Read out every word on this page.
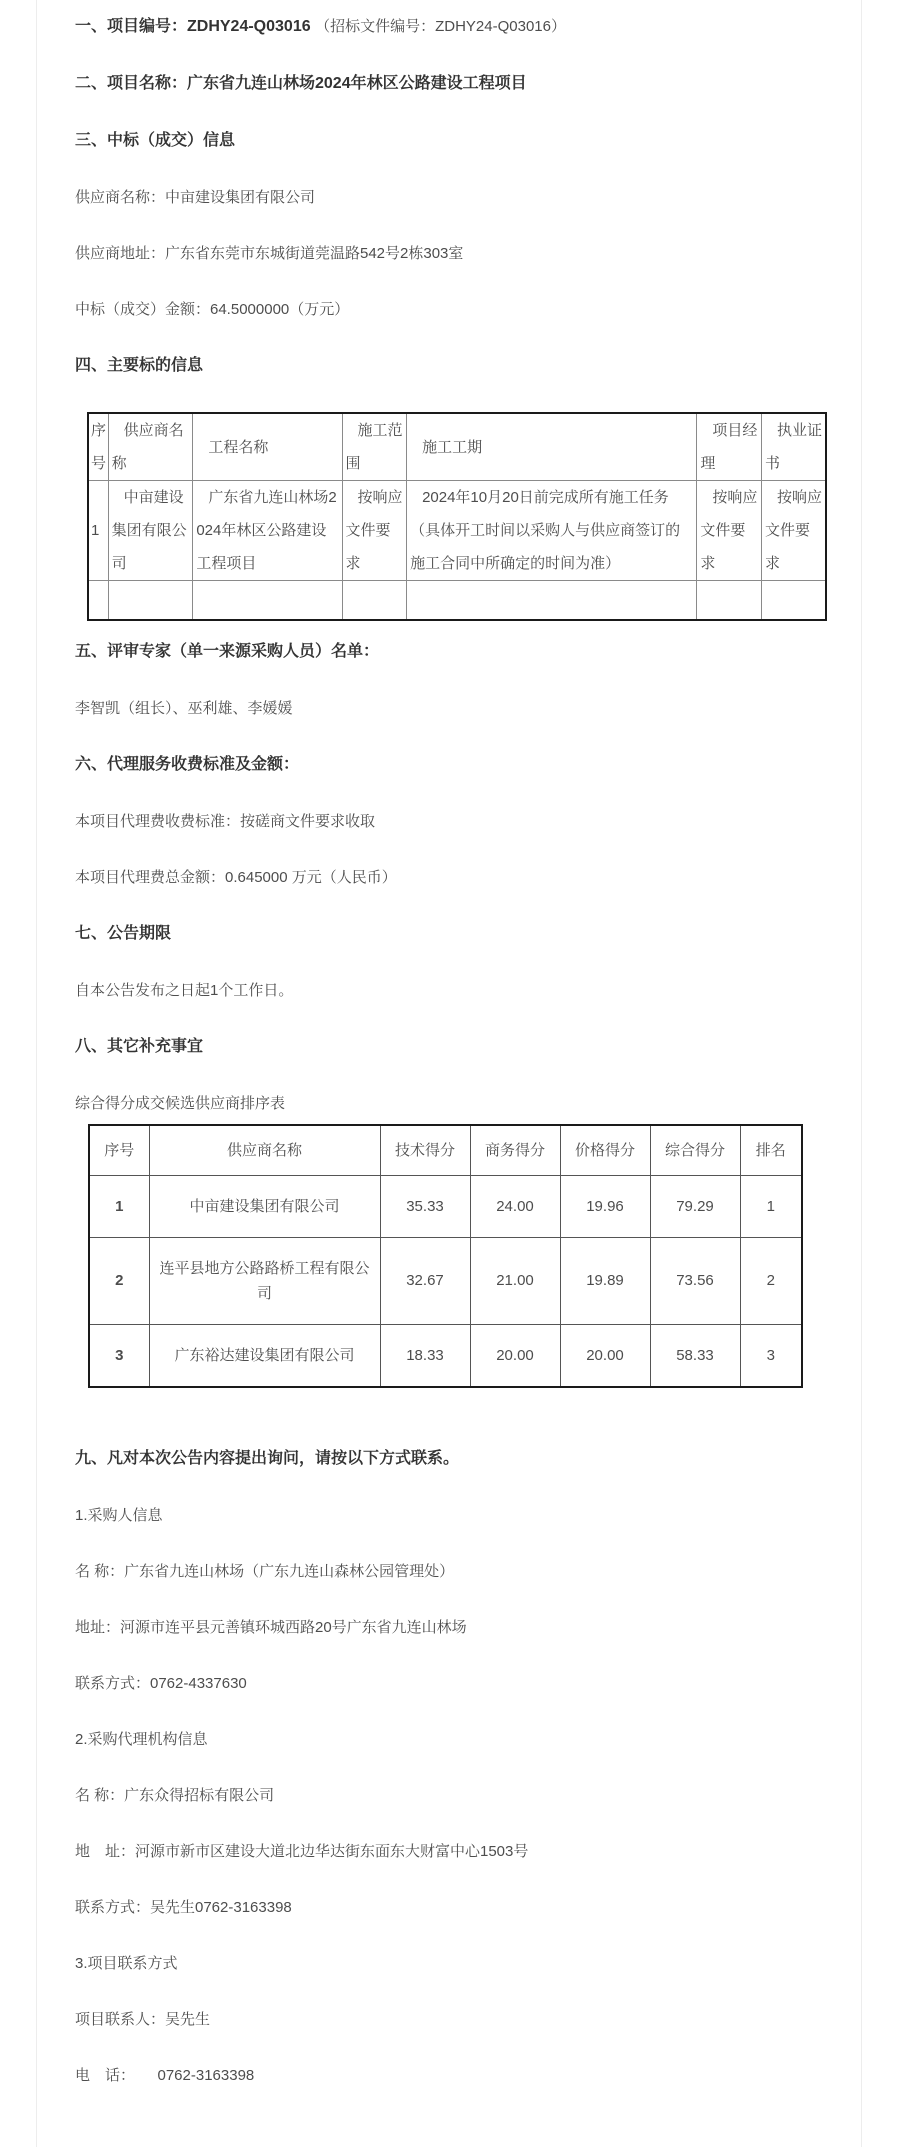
一、项目编号：ZDHY24-Q03016 （招标文件编号：ZDHY24-Q03016）
二、项目名称：广东省九连山林场2024年林区公路建设工程项目
三、中标（成交）信息

供应商名称：中亩建设集团有限公司

供应商地址：广东省东莞市东城街道莞温路542号2栋303室

中标（成交）金额：64.5000000（万元）

四、主要标的信息
序号	供应商名称	工程名称	施工范围	施工工期	项目经理	执业证书
1	中亩建设集团有限公司	广东省九连山林场2024年林区公路建设工程项目	按响应文件要求	2024年10月20日前完成所有施工任务（具体开工时间以采购人与供应商签订的施工合同中所确定的时间为准）	按响应文件要求	按响应文件要求

五、评审专家（单一来源采购人员）名单：

李智凯（组长）、巫利雄、李媛媛

六、代理服务收费标准及金额：

本项目代理费收费标准：按磋商文件要求收取

本项目代理费总金额：0.645000 万元（人民币）

七、公告期限

自本公告发布之日起1个工作日。

八、其它补充事宜

综合得分成交候选供应商排序表

序号	供应商名称	技术得分	商务得分	价格得分	综合得分	排名
1	中亩建设集团有限公司	35.33	24.00	19.96	79.29	1
2	连平县地方公路路桥工程有限公司	32.67	21.00	19.89	73.56	2
3	广东裕达建设集团有限公司	18.33	20.00	20.00	58.33	3
九、凡对本次公告内容提出询问，请按以下方式联系。

1.采购人信息

名 称：广东省九连山林场（广东九连山森林公园管理处）

地址：河源市连平县元善镇环城西路20号广东省九连山林场

联系方式：0762-4337630

2.采购代理机构信息

名 称：广东众得招标有限公司

地　址：河源市新市区建设大道北边华达街东面东大财富中心1503号

联系方式：吴先生0762-3163398

3.项目联系方式

项目联系人：吴先生

电　话：　　0762-3163398
